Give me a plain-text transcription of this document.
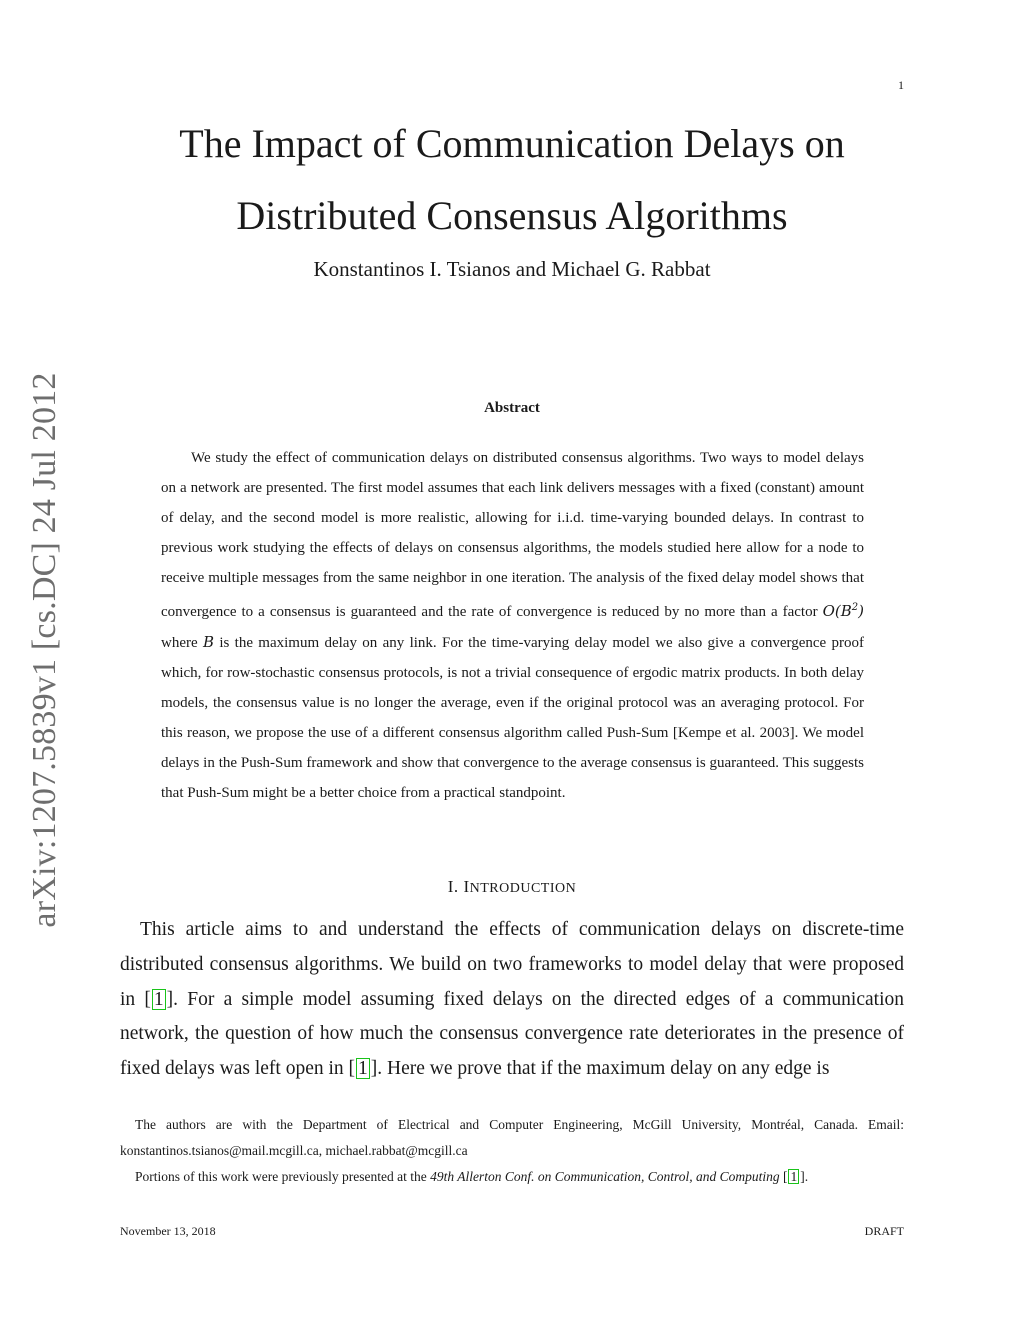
1
arXiv:1207.5839v1 [cs.DC] 24 Jul 2012
The Impact of Communication Delays on
Distributed Consensus Algorithms
Konstantinos I. Tsianos and Michael G. Rabbat
Abstract

We study the effect of communication delays on distributed consensus algorithms. Two ways to model delays on a network are presented. The first model assumes that each link delivers messages with a fixed (constant) amount of delay, and the second model is more realistic, allowing for i.i.d. time-varying bounded delays. In contrast to previous work studying the effects of delays on consensus algorithms, the models studied here allow for a node to receive multiple messages from the same neighbor in one iteration. The analysis of the fixed delay model shows that convergence to a consensus is guaranteed and the rate of convergence is reduced by no more than a factor $O(B^2)$ where B is the maximum delay on any link. For the time-varying delay model we also give a convergence proof which, for row-stochastic consensus protocols, is not a trivial consequence of ergodic matrix products. In both delay models, the consensus value is no longer the average, even if the original protocol was an averaging protocol. For this reason, we propose the use of a different consensus algorithm called Push-Sum [Kempe et al. 2003]. We model delays in the Push-Sum framework and show that convergence to the average consensus is guaranteed. This suggests that Push-Sum might be a better choice from a practical standpoint.

I. INTRODUCTION

This article aims to and understand the effects of communication delays on discrete-time distributed consensus algorithms. We build on two frameworks to model delay that were proposed in [ 1 ]. For a simple model assuming fixed delays on the directed edges of a communication network, the question of how much the consensus convergence rate deteriorates in the presence of fixed delays was left open in [ 1 ]. Here we prove that if the maximum delay on any edge is

The authors are with the Department of Electrical and Computer Engineering, McGill University, Montréal, Canada. Email: konstantinos.tsianos@mail.mcgill.ca, michael.rabbat@mcgill.ca

Portions of this work were previously presented at the 49th Allerton Conf. on Communication, Control, and Computing [ 1 ].

November 13, 2018	DRAFT
